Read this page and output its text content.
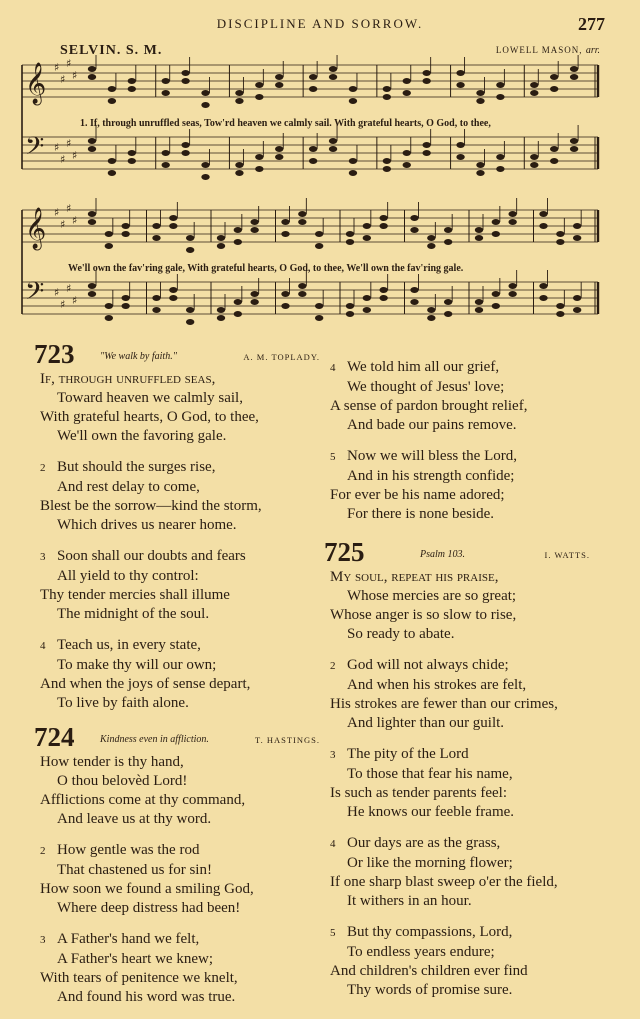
DISCIPLINE AND SORROW.	277
SELVIN. S. M.	LOWELL MASON, arr.
𝄞 ♯
♯
♯
♯
𝄢 ♯
♯
♯
♯
𝄞 ♯
♯
♯
♯
𝄢 ♯
♯
♯
♯
1. If, through unruffled seas, Tow'rd heaven we calmly sail. With grateful hearts, O God, to thee,
We'll own the fav'ring gale, With grateful hearts, O God, to thee, We'll own the fav'ring gale.
723	"We walk by faith."	A. M. TOPLADY.
If, through unruffled seas,
Toward heaven we calmly sail,
With grateful hearts, O God, to thee,
We'll own the favoring gale.
2 But should the surges rise,
And rest delay to come,
Blest be the sorrow—kind the storm,
Which drives us nearer home.
3 Soon shall our doubts and fears
All yield to thy control:
Thy tender mercies shall illume
The midnight of the soul.
4 Teach us, in every state,
To make thy will our own;
And when the joys of sense depart,
To live by faith alone.
724	Kindness even in affliction.	T. HASTINGS.
How tender is thy hand,
O thou belovèd Lord!
Afflictions come at thy command,
And leave us at thy word.
2 How gentle was the rod
That chastened us for sin!
How soon we found a smiling God,
Where deep distress had been!
3 A Father's hand we felt,
A Father's heart we knew;
With tears of penitence we knelt,
And found his word was true.
4 We told him all our grief,
We thought of Jesus' love;
A sense of pardon brought relief,
And bade our pains remove.
5 Now we will bless the Lord,
And in his strength confide;
For ever be his name adored;
For there is none beside.
725	Psalm 103.	I. WATTS.
My soul, repeat his praise,
Whose mercies are so great;
Whose anger is so slow to rise,
So ready to abate.
2 God will not always chide;
And when his strokes are felt,
His strokes are fewer than our crimes,
And lighter than our guilt.
3 The pity of the Lord
To those that fear his name,
Is such as tender parents feel:
He knows our feeble frame.
4 Our days are as the grass,
Or like the morning flower;
If one sharp blast sweep o'er the field,
It withers in an hour.
5 But thy compassions, Lord,
To endless years endure;
And children's children ever find
Thy words of promise sure.
